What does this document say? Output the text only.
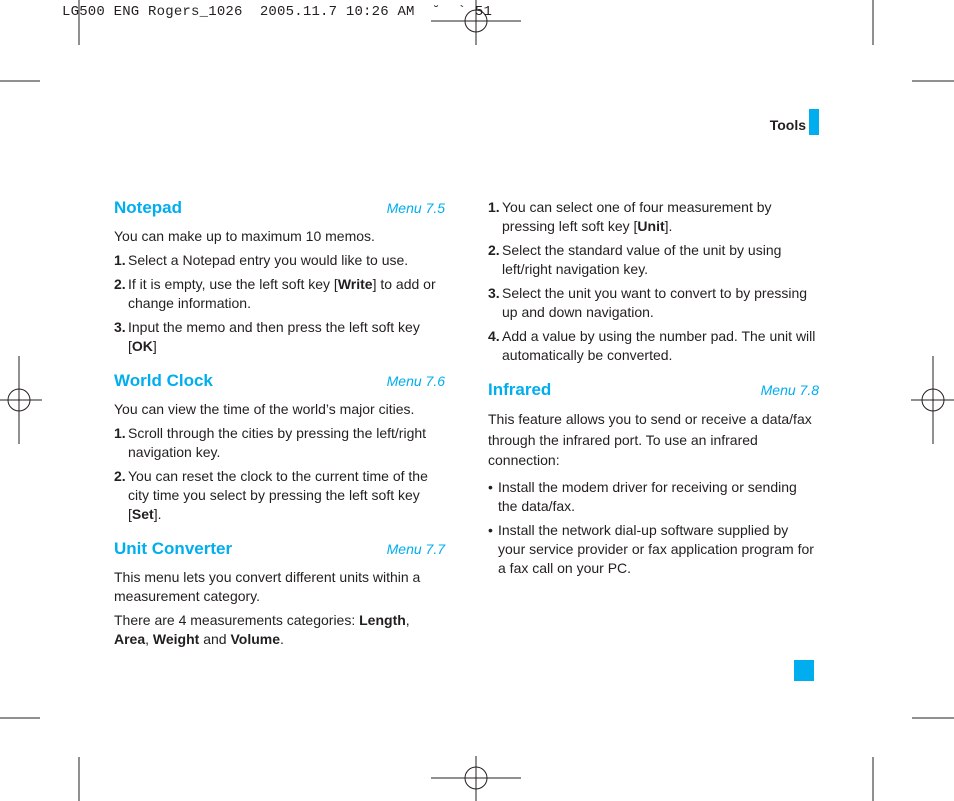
LG500 ENG Rogers_1026  2005.11.7 10:26 AM  ˘  ` 51
Tools
Notepad	Menu 7.5

You can make up to maximum 10 memos.

1. Select a Notepad entry you would like to use.
2. If it is empty, use the left soft key [Write] to add or change information.
3. Input the memo and then press the left soft key [OK]
World Clock	Menu 7.6

You can view the time of the world’s major cities.

1. Scroll through the cities by pressing the left/right navigation key.
2. You can reset the clock to the current time of the city time you select by pressing the left soft key [Set].
Unit Converter	Menu 7.7

This menu lets you convert different units within a measurement category.

There are 4 measurements categories: Length, Area, Weight and Volume.

1. You can select one of four measurement by pressing left soft key [Unit].
2. Select the standard value of the unit by using left/right navigation key.
3. Select the unit you want to convert to by pressing up and down navigation.
4. Add a value by using the number pad. The unit will automatically be converted.
Infrared	Menu 7.8

This feature allows you to send or receive a data/fax through the infrared port. To use an infrared connection:

• Install the modem driver for receiving or sending the data/fax.
• Install the network dial-up software supplied by your service provider or fax application program for a fax call on your PC.
